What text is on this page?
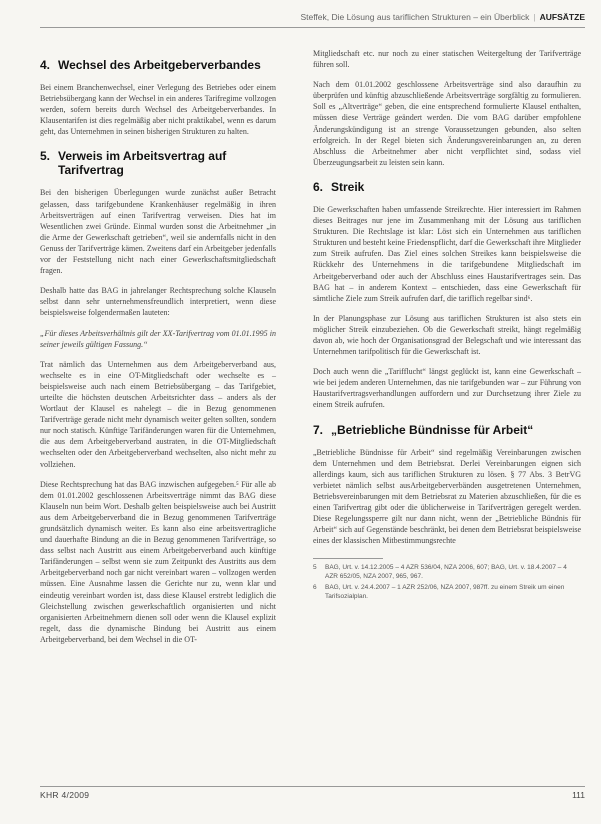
Steffek, Die Lösung aus tariflichen Strukturen – ein Überblick | AUFSÄTZE
4. Wechsel des Arbeitgeberverbandes

Bei einem Branchenwechsel, einer Verlegung des Betriebes oder einem Betriebsübergang kann der Wechsel in ein anderes Tarifregime vollzogen werden, sofern bereits durch Wechsel des Arbeitgeberverbandes. In Klausentarifen ist dies regelmäßig aber nicht praktikabel, wenn es darum geht, das Unternehmen in seinen bisherigen Strukturen zu halten.

5. Verweis im Arbeitsvertrag auf Tarifvertrag

Bei den bisherigen Überlegungen wurde zunächst außer Betracht gelassen, dass tarifgebundene Krankenhäuser regelmäßig in ihren Arbeitsverträgen auf einen Tarifvertrag verweisen. Dies hat im Wesentlichen zwei Gründe. Einmal wurden sonst die Arbeitnehmer „in die Arme der Gewerkschaft getrieben“, weil sie andernfalls nicht in den Genuss der Tarifverträge kämen. Zweitens darf ein Arbeitgeber jedenfalls vor der Feststellung nicht nach einer Gewerkschaftsmitgliedschaft fragen.

Deshalb hatte das BAG in jahrelanger Rechtsprechung solche Klauseln selbst dann sehr unternehmensfreundlich interpretiert, wenn diese beispielsweise folgendermaßen lauteten:

„Für dieses Arbeitsverhältnis gilt der XX-Tarifvertrag vom 01.01.1995 in seiner jeweils gültigen Fassung.“

Trat nämlich das Unternehmen aus dem Arbeitgeberverband aus, wechselte es in eine OT-Mitgliedschaft oder wechselte es – beispielsweise auch nach einem Betriebsübergang – das Tarifgebiet, urteilte die höchsten deutschen Arbeitsrichter dass – anders als der Wortlaut der Klausel es nahelegt – die in Bezug genommenen Tarifverträge gerade nicht mehr dynamisch weiter gelten sollten, sondern nur noch statisch. Künftige Tarifänderungen waren für die Unternehmen, die aus dem Arbeitgeberverband austraten, in die OT-Mitgliedschaft wechselten oder den Arbeitgeberverband wechselten, also nicht mehr zu vollziehen.

Diese Rechtsprechung hat das BAG inzwischen aufgegeben.⁵ Für alle ab dem 01.01.2002 geschlossenen Arbeitsverträge nimmt das BAG diese Klauseln nun beim Wort. Deshalb gelten beispielsweise auch bei Austritt aus dem Arbeitgeberverband die in Bezug genommenen Tarifverträge grundsätzlich dynamisch weiter. Es kann also eine arbeitsvertragliche und dauerhafte Bindung an die in Bezug genommenen Tarifverträge, so dass selbst nach Austritt aus einem Arbeitgeberverband auch künftige Tarifänderungen – selbst wenn sie zum Zeitpunkt des Austritts aus dem Arbeitgeberverband noch gar nicht vereinbart waren – vollzogen werden müssen. Eine Ausnahme lassen die Gerichte nur zu, wenn klar und eindeutig vereinbart worden ist, dass diese Klausel erstrebt lediglich die Gleichstellung zwischen gewerkschaftlich organisierten und nicht organisierten Arbeitnehmern dienen soll oder wenn die Klausel explizit regelt, dass die dynamische Bindung bei Austritt aus einem Arbeitgeberverband, bei dem Wechsel in die OT-

Mitgliedschaft etc. nur noch zu einer statischen Weitergeltung der Tarifverträge führen soll.

Nach dem 01.01.2002 geschlossene Arbeitsverträge sind also daraufhin zu überprüfen und künftig abzuschließende Arbeitsverträge sorgfältig zu formulieren. Soll es „Altverträge“ geben, die eine entsprechend formulierte Klausel enthalten, müssen diese Verträge geändert werden. Die vom BAG darüber empfohlene Änderungskündigung ist an strenge Voraussetzungen gebunden, also selten erfolgreich. In der Regel bieten sich Änderungsvereinbarungen an, zu deren Abschluss die Arbeitnehmer aber nicht verpflichtet sind, sodass viel Überzeugungsarbeit zu leisten sein kann.

6. Streik

Die Gewerkschaften haben umfassende Streikrechte. Hier interessiert im Rahmen dieses Beitrages nur jene im Zusammenhang mit der Lösung aus tariflichen Strukturen. Die Rechtslage ist klar: Löst sich ein Unternehmen aus tariflichen Strukturen und besteht keine Friedenspflicht, darf die Gewerkschaft ihre Mitglieder zum Streik aufrufen. Das Ziel eines solchen Streikes kann beispielsweise die Rückkehr des Unternehmens in die tarifgebundene Mitgliedschaft im Arbeitgeberverband oder auch der Abschluss eines Haustarifvertrages sein. Das BAG hat – in anderem Kontext – entschieden, dass eine Gewerkschaft für sämtliche Ziele zum Streik aufrufen darf, die tariflich regelbar sind⁶.

In der Planungsphase zur Lösung aus tariflichen Strukturen ist also stets ein möglicher Streik einzubeziehen. Ob die Gewerkschaft streikt, hängt regelmäßig davon ab, wie hoch der Organisationsgrad der Belegschaft und wie interessant das Unternehmen tarifpolitisch für die Gewerkschaft ist.

Doch auch wenn die „Tarifflucht“ längst geglückt ist, kann eine Gewerkschaft – wie bei jedem anderen Unternehmen, das nie tarifgebunden war – zur Führung von Haustarifvertragsverhandlungen auffordern und zur Durchsetzung ihrer Ziele zu einem Streik aufrufen.

7. „Betriebliche Bündnisse für Arbeit“

„Betriebliche Bündnisse für Arbeit“ sind regelmäßig Vereinbarungen zwischen dem Unternehmen und dem Betriebsrat. Derlei Vereinbarungen eignen sich allerdings kaum, sich aus tariflichen Strukturen zu lösen. § 77 Abs. 3 BetrVG verbietet nämlich selbst ausArbeitgeberverbänden ausgetretenen Unternehmen, Betriebsvereinbarungen mit dem Betriebsrat zu Materien abzuschließen, für die es einen Tarifvertrag gibt oder die üblicherweise in Tarifverträgen geregelt werden. Diese Regelungssperre gilt nur dann nicht, wenn der „Betriebliche Bündnis für Arbeit“ sich auf Gegenstände beschränkt, bei denen dem Betriebsrat beispielsweise eines der klassischen Mitbestimmungsrechte

5	BAG, Urt. v. 14.12.2005 – 4 AZR 536/04, NZA 2006, 607; BAG, Urt. v. 18.4.2007 – 4 AZR 652/05, NZA 2007, 965, 967.
6	BAG, Urt. v. 24.4.2007 – 1 AZR 252/06, NZA 2007, 987ff. zu einem Streik um einen Tarifsozialplan.
KHR 4/2009	111
